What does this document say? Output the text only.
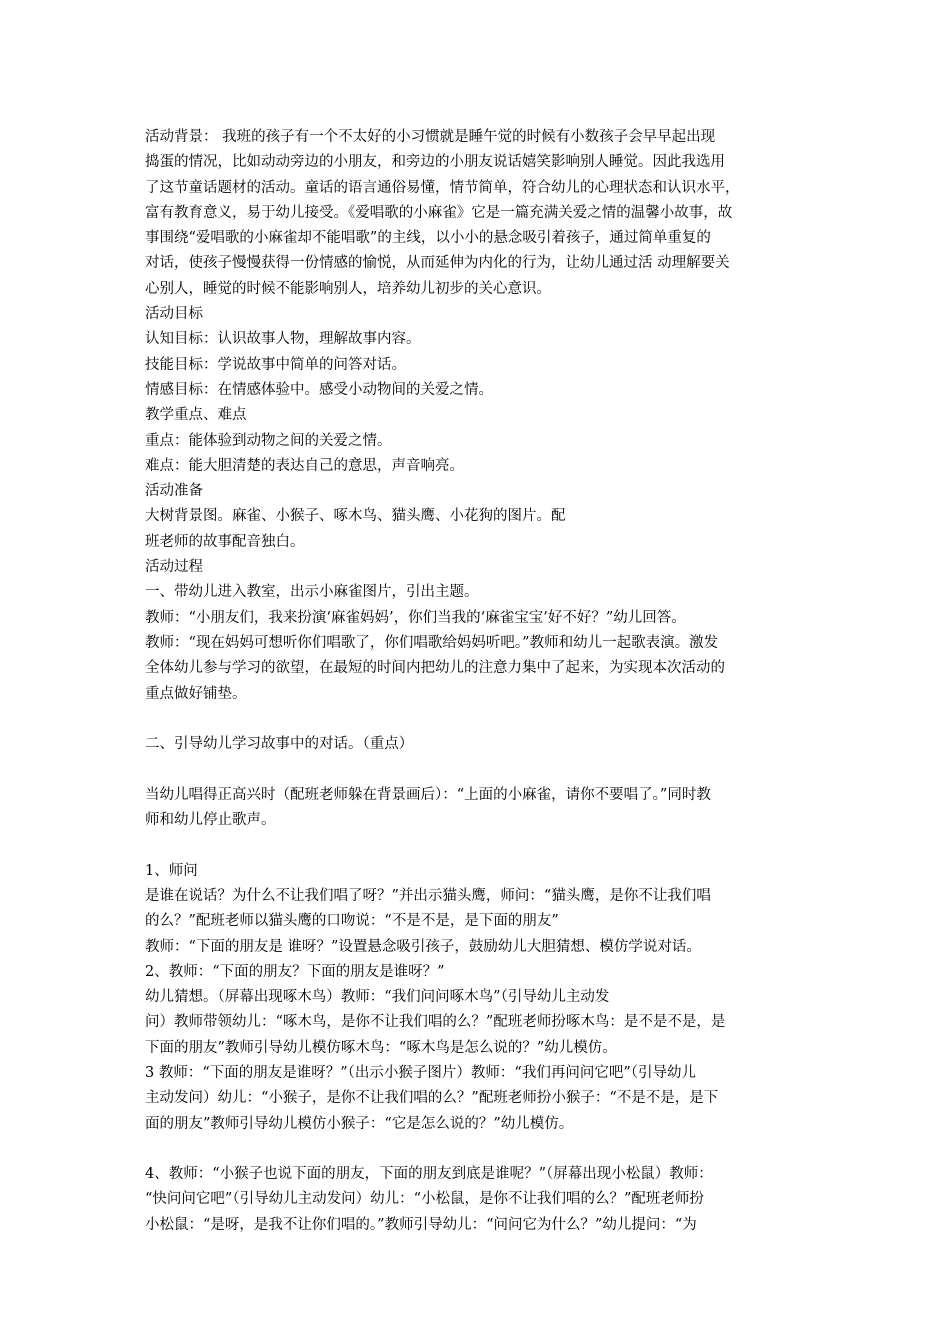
活动背景： 我班的孩子有一个不太好的小习惯就是睡午觉的时候有小数孩子会早早起出现

捣蛋的情况，比如动动旁边的小朋友，和旁边的小朋友说话嬉笑影响别人睡觉。因此我选用

了这节童话题材的活动。童话的语言通俗易懂，情节简单，符合幼儿的心理状态和认识水平，

富有教育意义，易于幼儿接受。《爱唱歌的小麻雀》它是一篇充满关爱之情的温馨小故事，故

事围绕“爱唱歌的小麻雀却不能唱歌”的主线，以小小的悬念吸引着孩子，通过简单重复的

对话，使孩子慢慢获得一份情感的愉悦，从而延伸为内化的行为，让幼儿通过活 动理解要关

心别人，睡觉的时候不能影响别人，培养幼儿初步的关心意识。

活动目标

认知目标：认识故事人物，理解故事内容。

技能目标：学说故事中简单的问答对话。

情感目标：在情感体验中。感受小动物间的关爱之情。

教学重点、难点

重点：能体验到动物之间的关爱之情。

难点：能大胆清楚的表达自己的意思，声音响亮。

活动准备

大树背景图。麻雀、小猴子、啄木鸟、猫头鹰、小花狗的图片。配

班老师的故事配音独白。

活动过程

一、带幼儿进入教室，出示小麻雀图片，引出主题。

教师：“小朋友们，我来扮演‘麻雀妈妈’，你们当我的‘麻雀宝宝’好不好？”幼儿回答。

教师：“现在妈妈可想听你们唱歌了，你们唱歌给妈妈听吧。”教师和幼儿一起歌表演。激发

全体幼儿参与学习的欲望，在最短的时间内把幼儿的注意力集中了起来，为实现本次活动的

重点做好铺垫。

二、引导幼儿学习故事中的对话。（重点）

当幼儿唱得正高兴时（配班老师躲在背景画后）：“上面的小麻雀，请你不要唱了。”同时教

师和幼儿停止歌声。

1、师问

是谁在说话？为什么不让我们唱了呀？”并出示猫头鹰，师问：“猫头鹰，是你不让我们唱

的么？”配班老师以猫头鹰的口吻说：“不是不是，是下面的朋友”

教师：“下面的朋友是 谁呀？”设置悬念吸引孩子，鼓励幼儿大胆猜想、模仿学说对话。

2、教师：“下面的朋友？下面的朋友是谁呀？”

幼儿猜想。（屏幕出现啄木鸟）教师：“我们问问啄木鸟”（引导幼儿主动发

问）教师带领幼儿：“啄木鸟，是你不让我们唱的么？”配班老师扮啄木鸟：是不是不是，是

下面的朋友”教师引导幼儿模仿啄木鸟：“啄木鸟是怎么说的？”幼儿模仿。

3 教师：“下面的朋友是谁呀？”（出示小猴子图片）教师：“我们再问问它吧”（引导幼儿

主动发问）幼儿：“小猴子，是你不让我们唱的么？”配班老师扮小猴子：“不是不是，是下

面的朋友”教师引导幼儿模仿小猴子：“它是怎么说的？”幼儿模仿。

4、教师：“小猴子也说下面的朋友，下面的朋友到底是谁呢？”（屏幕出现小松鼠）教师：

“快问问它吧”（引导幼儿主动发问）幼儿：“小松鼠，是你不让我们唱的么？”配班老师扮

小松鼠：“是呀，是我不让你们唱的。”教师引导幼儿：“问问它为什么？”幼儿提问：“为
